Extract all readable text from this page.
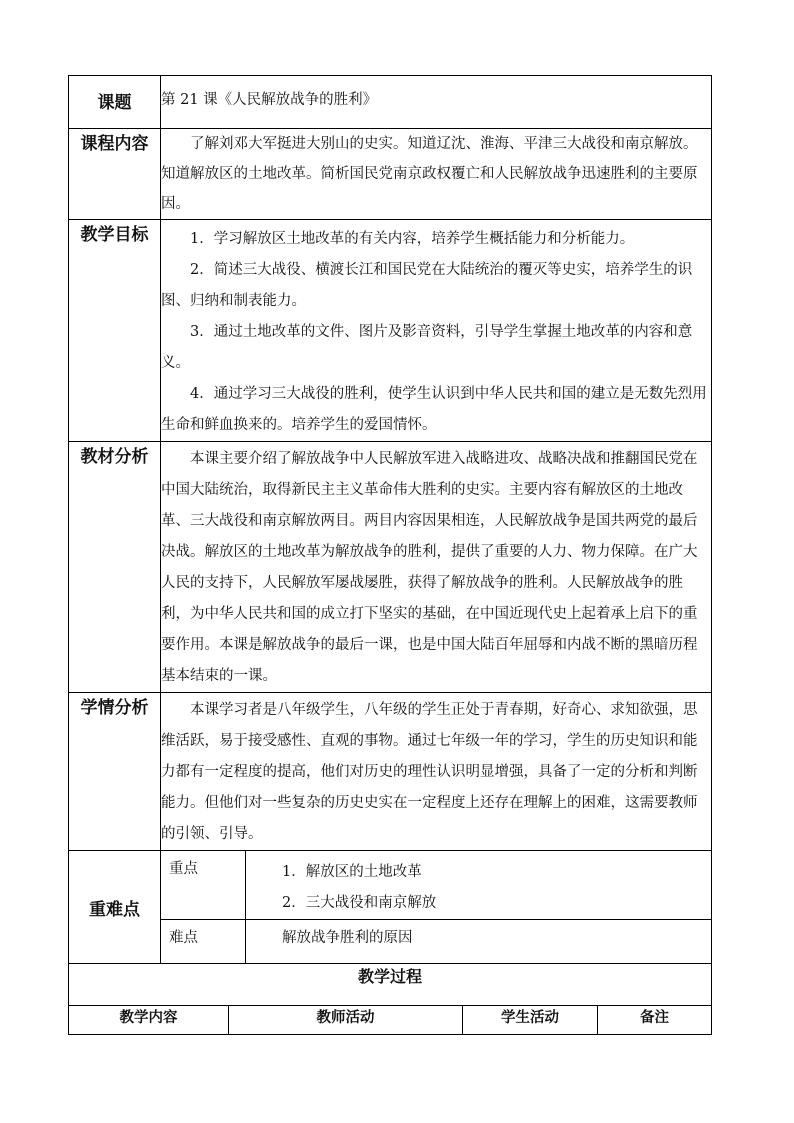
课题	第 21 课《人民解放战争的胜利》				
课程内容	了解刘邓大军挺进大别山的史实。知道辽沈、淮海、平津三大战役和南京解放。知道解放区的土地改革。简析国民党南京政权覆亡和人民解放战争迅速胜利的主要原因。				

教学目标	1．学习解放区土地改革的有关内容，培养学生概括能力和分析能力。

2．简述三大战役、横渡长江和国民党在大陆统治的覆灭等史实，培养学生的识图、归纳和制表能力。

3．通过土地改革的文件、图片及影音资料，引导学生掌握土地改革的内容和意义。

4．通过学习三大战役的胜利，使学生认识到中华人民共和国的建立是无数先烈用生命和鲜血换来的。培养学生的爱国情怀。				

教材分析	本课主要介绍了解放战争中人民解放军进入战略进攻、战略决战和推翻国民党在中国大陆统治，取得新民主主义革命伟大胜利的史实。主要内容有解放区的土地改革、三大战役和南京解放两目。两目内容因果相连，人民解放战争是国共两党的最后决战。解放区的土地改革为解放战争的胜利，提供了重要的人力、物力保障。在广大人民的支持下，人民解放军屡战屡胜，获得了解放战争的胜利。人民解放战争的胜利，为中华人民共和国的成立打下坚实的基础，在中国近现代史上起着承上启下的重要作用。本课是解放战争的最后一课，也是中国大陆百年屈辱和内战不断的黑暗历程基本结束的一课。				

学情分析	本课学习者是八年级学生，八年级的学生正处于青春期，好奇心、求知欲强，思维活跃，易于接受感性、直观的事物。通过七年级一年的学习，学生的历史知识和能力都有一定程度的提高，他们对历史的理性认识明显增强，具备了一定的分析和判断能力。但他们对一些复杂的历史史实在一定程度上还存在理解上的困难，这需要教师的引领、引导。				

重难点	重点		1．解放区的土地改革
2．三大战役和南京解放		

	难点		解放战争胜利的原因		
教学过程					
教学内容		教师活动		学生活动	备注
